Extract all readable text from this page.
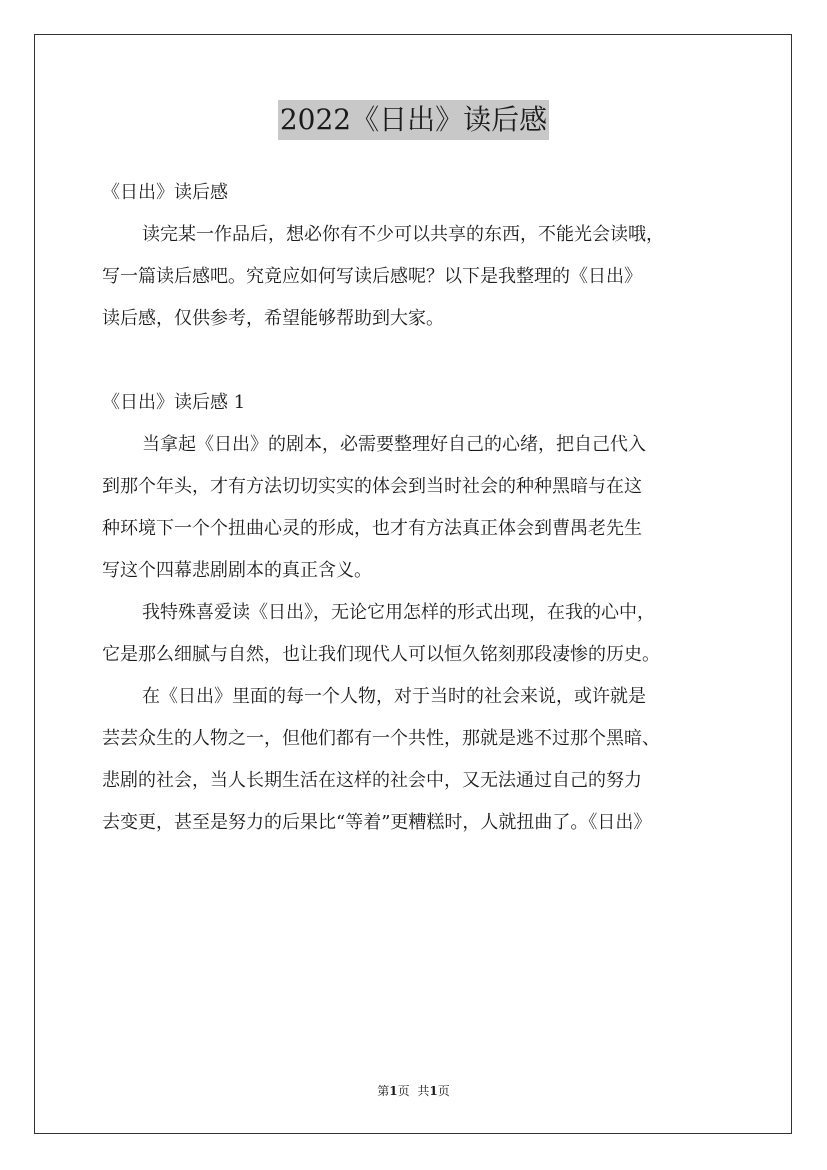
2022《日出》读后感
《日出》读后感
读完某一作品后，想必你有不少可以共享的东西，不能光会读哦，
写一篇读后感吧。究竟应如何写读后感呢？以下是我整理的《日出》
读后感，仅供参考，希望能够帮助到大家。
《日出》读后感 1
当拿起《日出》的剧本，必需要整理好自己的心绪，把自己代入
到那个年头，才有方法切切实实的体会到当时社会的种种黑暗与在这
种环境下一个个扭曲心灵的形成，也才有方法真正体会到曹禺老先生
写这个四幕悲剧剧本的真正含义。
我特殊喜爱读《日出》，无论它用怎样的形式出现，在我的心中，
它是那么细腻与自然，也让我们现代人可以恒久铭刻那段凄惨的历史。
在《日出》里面的每一个人物，对于当时的社会来说，或许就是
芸芸众生的人物之一，但他们都有一个共性，那就是逃不过那个黑暗、
悲剧的社会，当人长期生活在这样的社会中，又无法通过自己的努力
去变更，甚至是努力的后果比“等着”更糟糕时，人就扭曲了。《日出》
第1页 共1页
